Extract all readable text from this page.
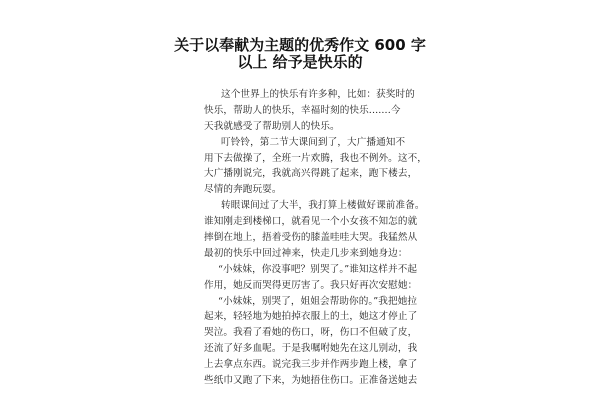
关于以奉献为主题的优秀作文 600 字
以上 给予是快乐的
这个世界上的快乐有许多种，比如：获奖时的
快乐，帮助人的快乐，幸福时刻的快乐.......今
天我就感受了帮助别人的快乐。
叮铃铃，第二节大课间到了，大广播通知不
用下去做操了，全班一片欢腾，我也不例外。这不，
大广播刚说完，我就高兴得跳了起来，跑下楼去，
尽情的奔跑玩耍。
转眼课间过了大半，我打算上楼做好课前准备。
谁知刚走到楼梯口，就看见一个小女孩不知怎的就
摔倒在地上，捂着受伤的膝盖哇哇大哭。我猛然从
最初的快乐中回过神来，快走几步来到她身边：
“小妹妹，你没事吧？别哭了。”谁知这样并不起
作用，她反而哭得更厉害了。我只好再次安慰她：
“小妹妹，别哭了，姐姐会帮助你的。”我把她拉
起来，轻轻地为她拍掉衣服上的土，她这才停止了
哭泣。我看了看她的伤口，呀，伤口不但破了皮，
还流了好多血呢。于是我嘱咐她先在这儿别动，我
上去拿点东西。说完我三步并作两步跑上楼，拿了
些纸巾又跑了下来，为她捂住伤口。正准备送她去
